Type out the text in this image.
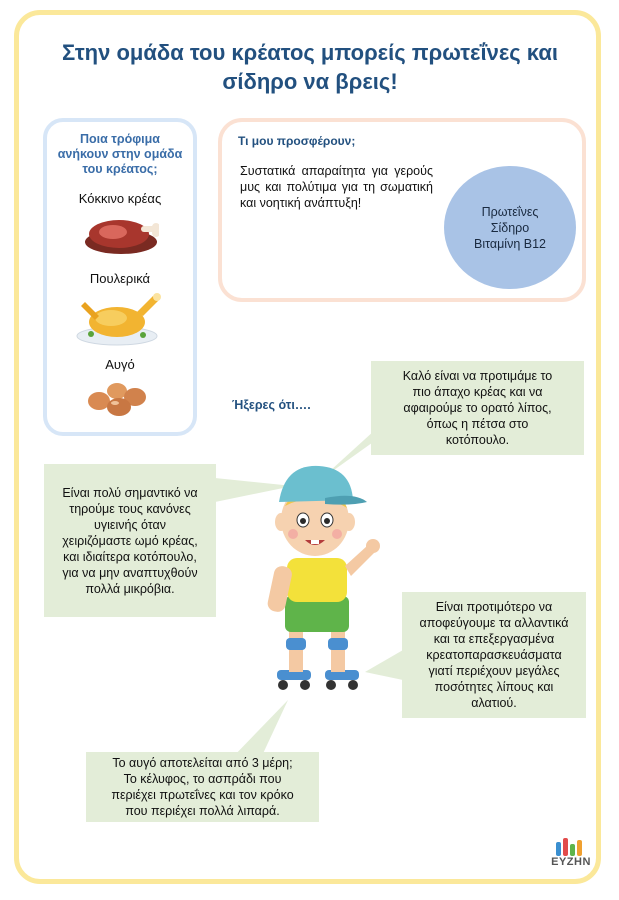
Στην ομάδα του κρέατος μπορείς πρωτεΐνες και
σίδηρο να βρεις!
Ποια τρόφιμα
ανήκουν στην ομάδα
του κρέατος;
Κόκκινο κρέας
Πουλερικά
Αυγό
Τι μου προσφέρουν;
Συστατικά απαραίτητα για γερούς μυς και πολύτιμα για τη σωματική και νοητική ανάπτυξη!
Πρωτεΐνες
Σίδηρο
Βιταμίνη Β12
Ήξερες ότι….
Καλό είναι να προτιμάμε το
πιο άπαχο κρέας και να
αφαιρούμε το ορατό λίπος,
όπως η πέτσα στο
κοτόπουλο.
Είναι πολύ σημαντικό να
τηρούμε τους κανόνες
υγιεινής όταν
χειριζόμαστε ωμό κρέας,
και ιδιαίτερα κοτόπουλο,
για να μην αναπτυχθούν
πολλά μικρόβια.
Είναι προτιμότερο να
αποφεύγουμε τα αλλαντικά
και τα επεξεργασμένα
κρεατοπαρασκευάσματα
γιατί περιέχουν μεγάλες
ποσότητες λίπους και
αλατιού.
Το αυγό αποτελείται από 3 μέρη;
Το κέλυφος, το ασπράδι που
περιέχει πρωτεΐνες και τον κρόκο
που περιέχει πολλά λιπαρά.
ΕΥΖΗΝ
